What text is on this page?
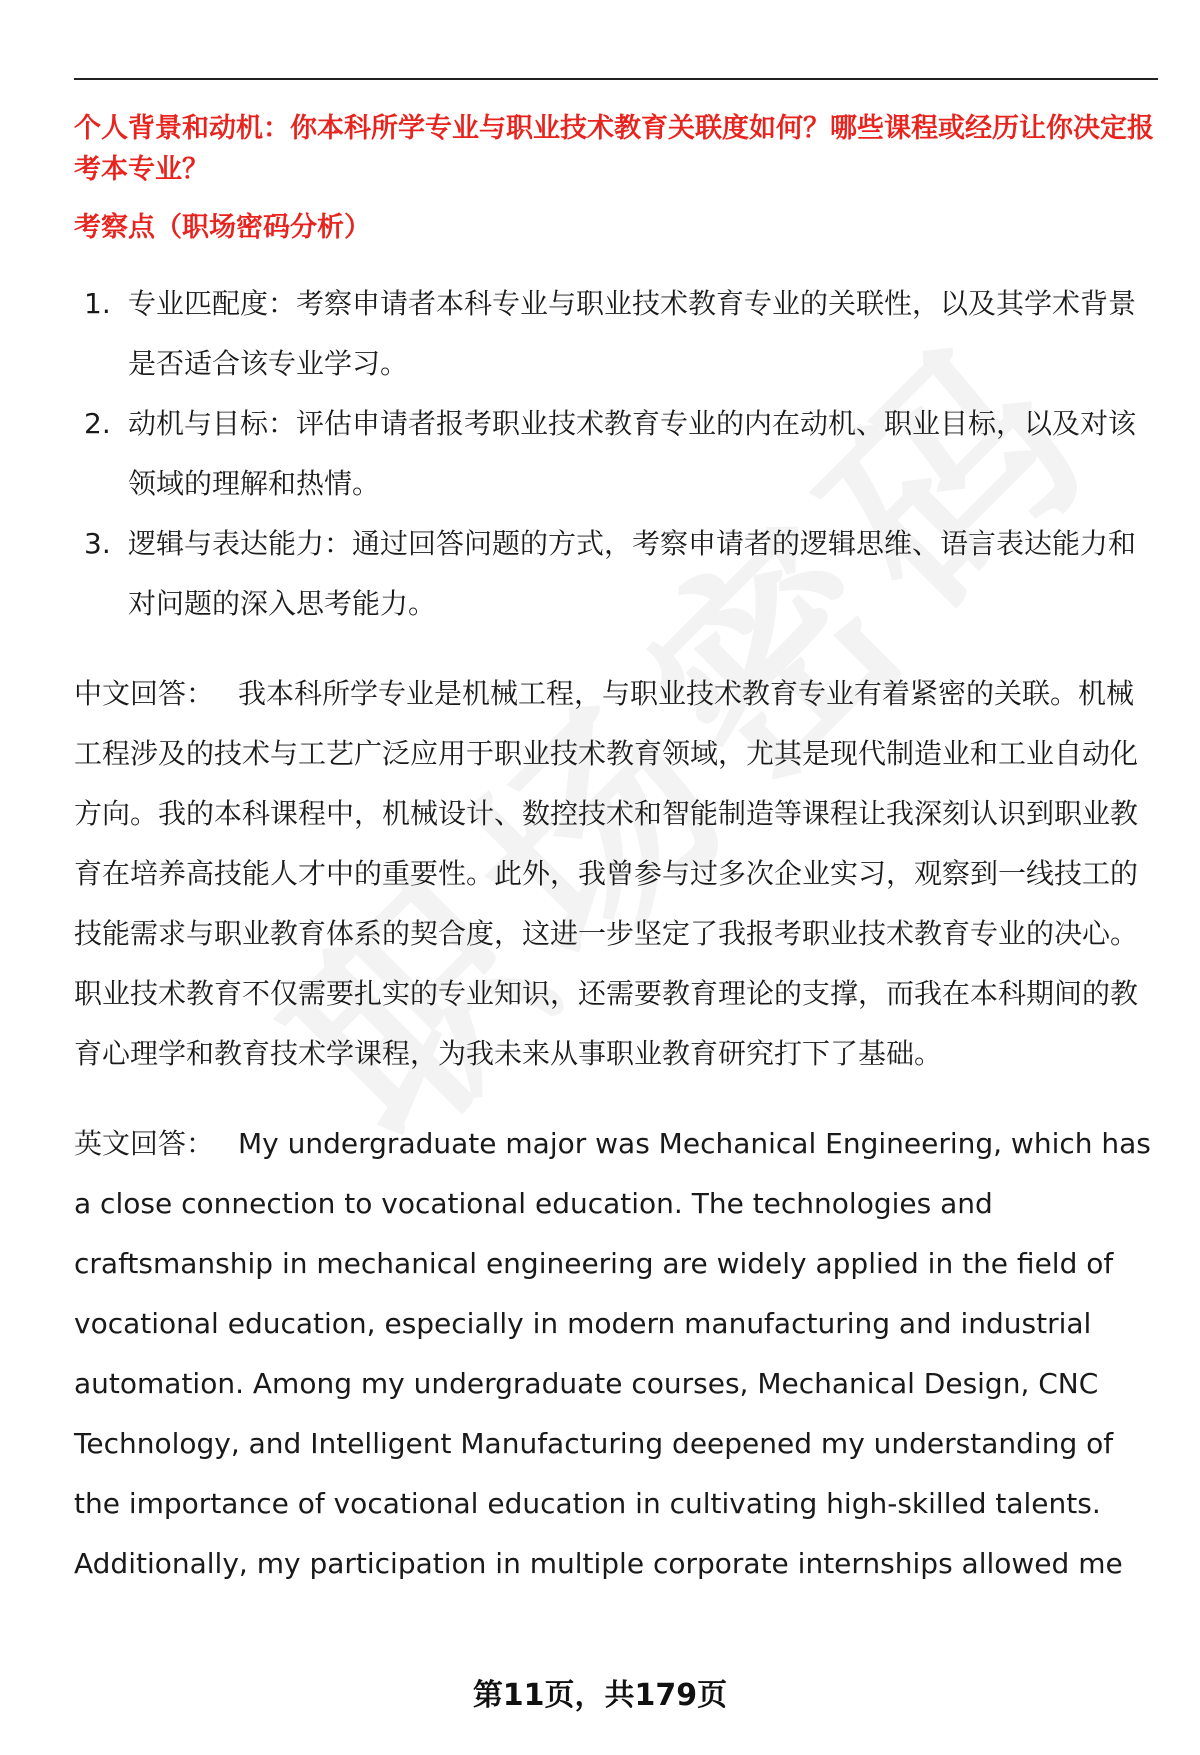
个人背景和动机：你本科所学专业与职业技术教育关联度如何？哪些课程或经历让你决定报考本专业？

考察点（职场密码分析）

1. 专业匹配度：考察申请者本科专业与职业技术教育专业的关联性，以及其学术背景是否适合该专业学习。
2. 动机与目标：评估申请者报考职业技术教育专业的内在动机、职业目标，以及对该领域的理解和热情。
3. 逻辑与表达能力：通过回答问题的方式，考察申请者的逻辑思维、语言表达能力和对问题的深入思考能力。

中文回答： 我本科所学专业是机械工程，与职业技术教育专业有着紧密的关联。机械工程涉及的技术与工艺广泛应用于职业技术教育领域，尤其是现代制造业和工业自动化方向。我的本科课程中，机械设计、数控技术和智能制造等课程让我深刻认识到职业教育在培养高技能人才中的重要性。此外，我曾参与过多次企业实习，观察到一线技工的技能需求与职业教育体系的契合度，这进一步坚定了我报考职业技术教育专业的决心。职业技术教育不仅需要扎实的专业知识，还需要教育理论的支撑，而我在本科期间的教育心理学和教育技术学课程，为我未来从事职业教育研究打下了基础。

英文回答： My undergraduate major was Mechanical Engineering, which has a close connection to vocational education. The technologies and craftsmanship in mechanical engineering are widely applied in the field of vocational education, especially in modern manufacturing and industrial automation. Among my undergraduate courses, Mechanical Design, CNC Technology, and Intelligent Manufacturing deepened my understanding of the importance of vocational education in cultivating high-skilled talents. Additionally, my participation in multiple corporate internships allowed me

第11页，共179页
